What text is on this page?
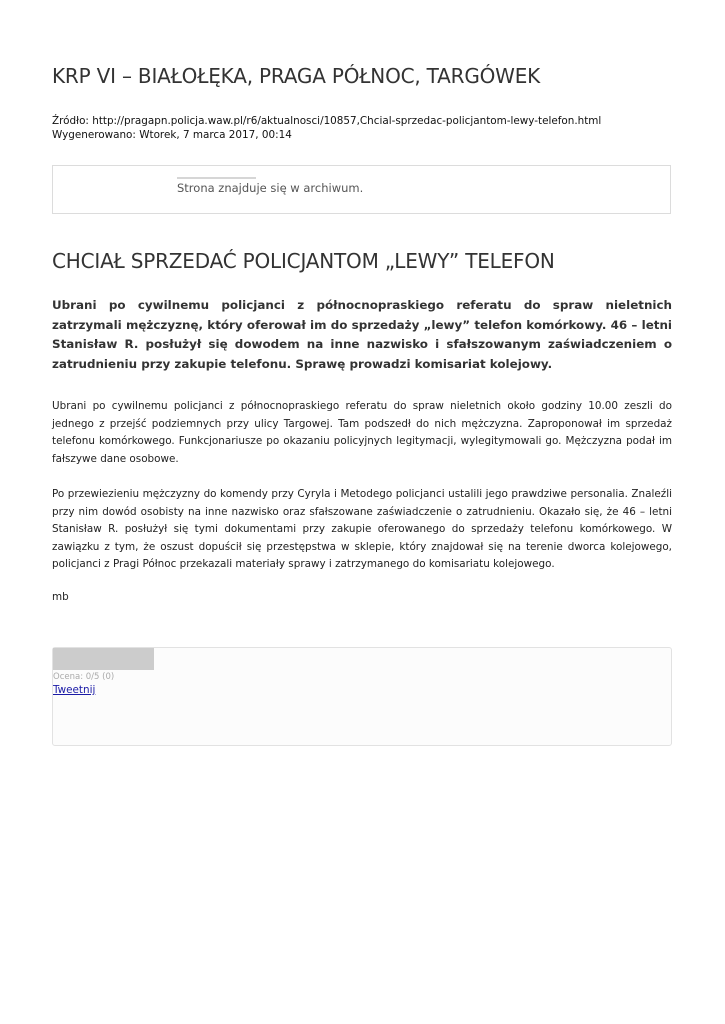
KRP VI – BIAŁOŁĘKA, PRAGA PÓŁNOC, TARGÓWEK

Źródło: http://pragapn.policja.waw.pl/r6/aktualnosci/10857,Chcial-sprzedac-policjantom-lewy-telefon.html

Wygenerowano: Wtorek, 7 marca 2017, 00:14

Strona znajduje się w archiwum.
CHCIAŁ SPRZEDAĆ POLICJANTOM „LEWY” TELEFON

Ubrani po cywilnemu policjanci z północnopraskiego referatu do spraw nieletnich zatrzymali mężczyznę, który oferował im do sprzedaży „lewy” telefon komórkowy. 46 – letni Stanisław R. posłużył się dowodem na inne nazwisko i sfałszowanym zaświadczeniem o zatrudnieniu przy zakupie telefonu. Sprawę prowadzi komisariat kolejowy.

Ubrani po cywilnemu policjanci z północnopraskiego referatu do spraw nieletnich około godziny 10.00 zeszli do jednego z przejść podziemnych przy ulicy Targowej. Tam podszedł do nich mężczyzna. Zaproponował im sprzedaż telefonu komórkowego. Funkcjonariusze po okazaniu policyjnych legitymacji, wylegitymowali go. Mężczyzna podał im fałszywe dane osobowe.

Po przewiezieniu mężczyzny do komendy przy Cyryla i Metodego policjanci ustalili jego prawdziwe personalia. Znaleźli przy nim dowód osobisty na inne nazwisko oraz sfałszowane zaświadczenie o zatrudnieniu. Okazało się, że 46 – letni Stanisław R. posłużył się tymi dokumentami przy zakupie oferowanego do sprzedaży telefonu komórkowego. W zawiązku z tym, że oszust dopuścił się przestępstwa w sklepie, który znajdował się na terenie dworca kolejowego, policjanci z Pragi Północ przekazali materiały sprawy i zatrzymanego do komisariatu kolejowego.

mb
Ocena: 0/5 (0)
Tweetnij
